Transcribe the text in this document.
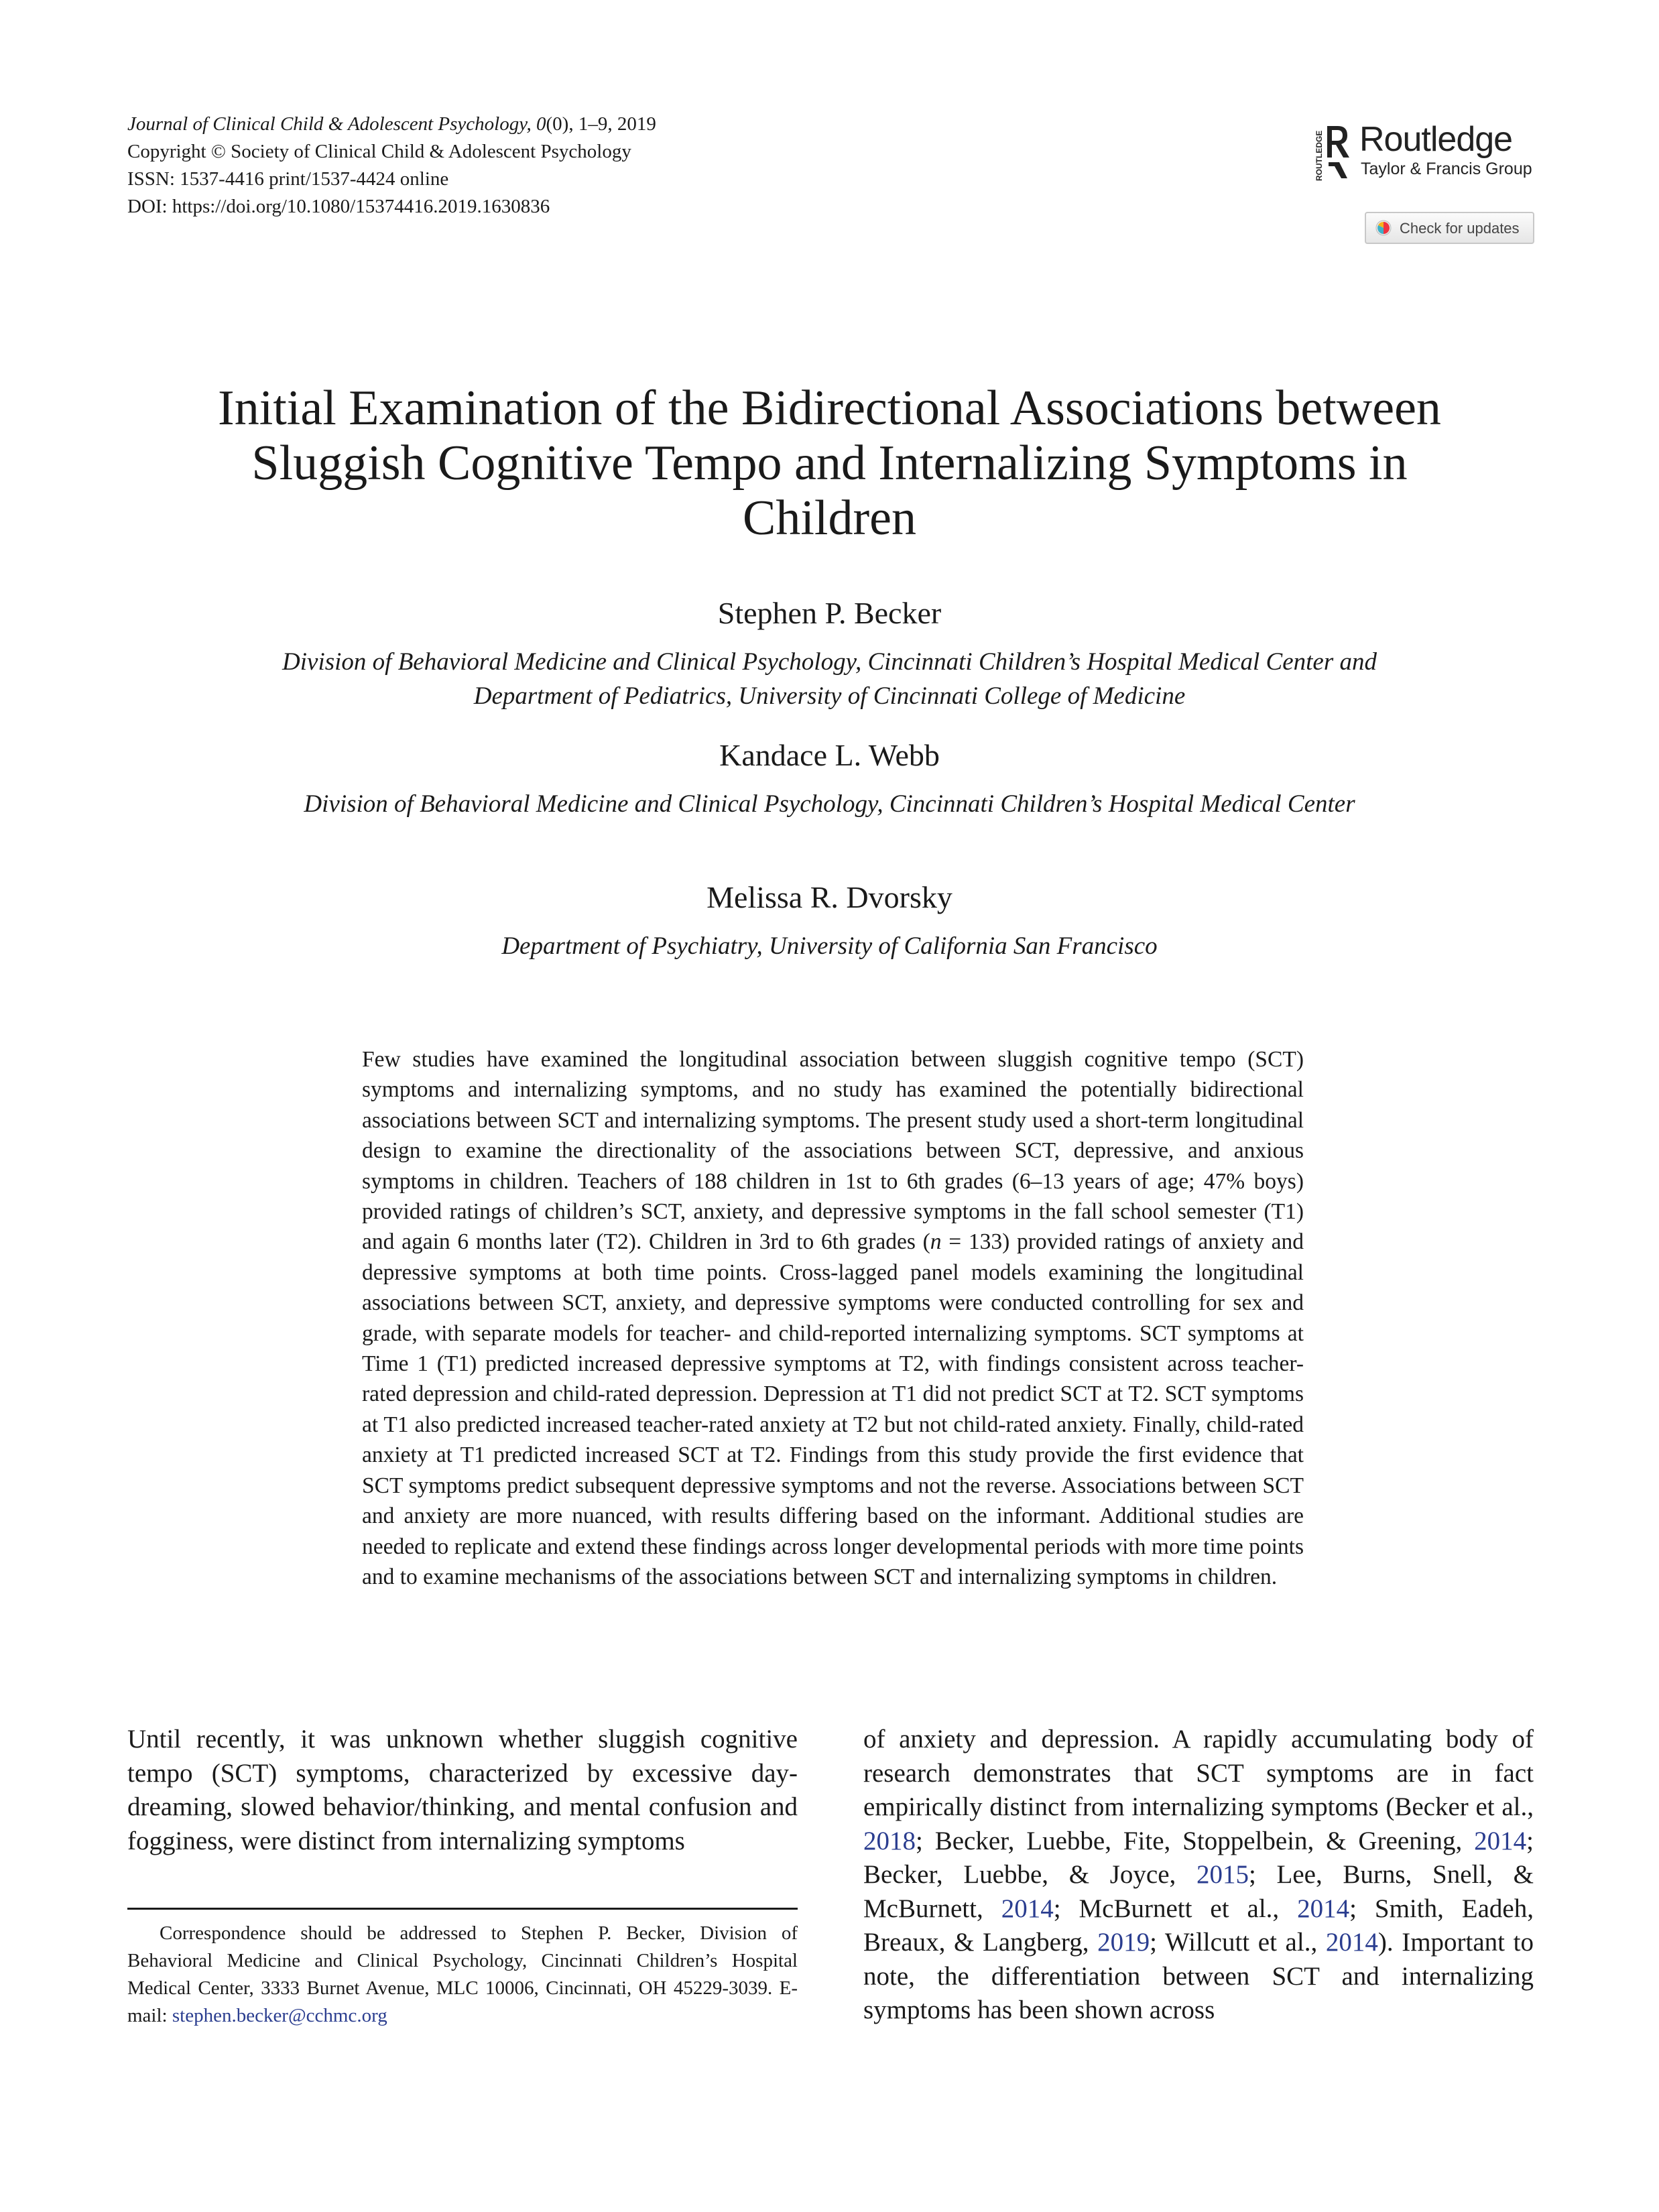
Journal of Clinical Child & Adolescent Psychology, 0(0), 1–9, 2019
Copyright © Society of Clinical Child & Adolescent Psychology
ISSN: 1537-4416 print/1537-4424 online
DOI: https://doi.org/10.1080/15374416.2019.1630836
ROUTLEDGE Routledge
Taylor & Francis Group
Check for updates
Initial Examination of the Bidirectional Associations between Sluggish Cognitive Tempo and Internalizing Symptoms in Children
Stephen P. Becker
Division of Behavioral Medicine and Clinical Psychology, Cincinnati Children’s Hospital Medical Center and Department of Pediatrics, University of Cincinnati College of Medicine
Kandace L. Webb
Division of Behavioral Medicine and Clinical Psychology, Cincinnati Children’s Hospital Medical Center
Melissa R. Dvorsky
Department of Psychiatry, University of California San Francisco
Few studies have examined the longitudinal association between sluggish cognitive tempo (SCT) symptoms and internalizing symptoms, and no study has examined the potentially bidirectional associations between SCT and internalizing symptoms. The present study used a short-term longitudinal design to examine the directionality of the associations between SCT, depressive, and anxious symptoms in children. Teachers of 188 children in 1st to 6th grades (6–13 years of age; 47% boys) provided ratings of children’s SCT, anxiety, and depressive symptoms in the fall school semester (T1) and again 6 months later (T2). Children in 3rd to 6th grades (n = 133) provided ratings of anxiety and depressive symptoms at both time points. Cross-lagged panel models examining the longitudinal associations between SCT, anxiety, and depressive symptoms were conducted controlling for sex and grade, with separate models for teacher- and child-reported internalizing symptoms. SCT symptoms at Time 1 (T1) predicted increased depressive symptoms at T2, with findings consistent across teacher-rated depression and child-rated depression. Depression at T1 did not predict SCT at T2. SCT symptoms at T1 also predicted increased teacher-rated anxiety at T2 but not child-rated anxiety. Finally, child-rated anxiety at T1 predicted increased SCT at T2. Findings from this study provide the first evidence that SCT symptoms predict subsequent depressive symptoms and not the reverse. Associations between SCT and anxiety are more nuanced, with results differing based on the informant. Additional studies are needed to replicate and extend these findings across longer developmental periods with more time points and to examine mechanisms of the associations between SCT and internalizing symptoms in children.
Until recently, it was unknown whether sluggish cognitive tempo (SCT) symptoms, characterized by excessive day-dreaming, slowed behavior/thinking, and mental confusion and fogginess, were distinct from internalizing symptoms
Correspondence should be addressed to Stephen P. Becker, Division of Behavioral Medicine and Clinical Psychology, Cincinnati Children’s Hospital Medical Center, 3333 Burnet Avenue, MLC 10006, Cincinnati, OH 45229-3039. E-mail: stephen.becker@cchmc.org
of anxiety and depression. A rapidly accumulating body of research demonstrates that SCT symptoms are in fact empirically distinct from internalizing symptoms (Becker et al., 2018; Becker, Luebbe, Fite, Stoppelbein, & Greening, 2014; Becker, Luebbe, & Joyce, 2015; Lee, Burns, Snell, & McBurnett, 2014; McBurnett et al., 2014; Smith, Eadeh, Breaux, & Langberg, 2019; Willcutt et al., 2014). Important to note, the differentiation between SCT and internalizing symptoms has been shown across
